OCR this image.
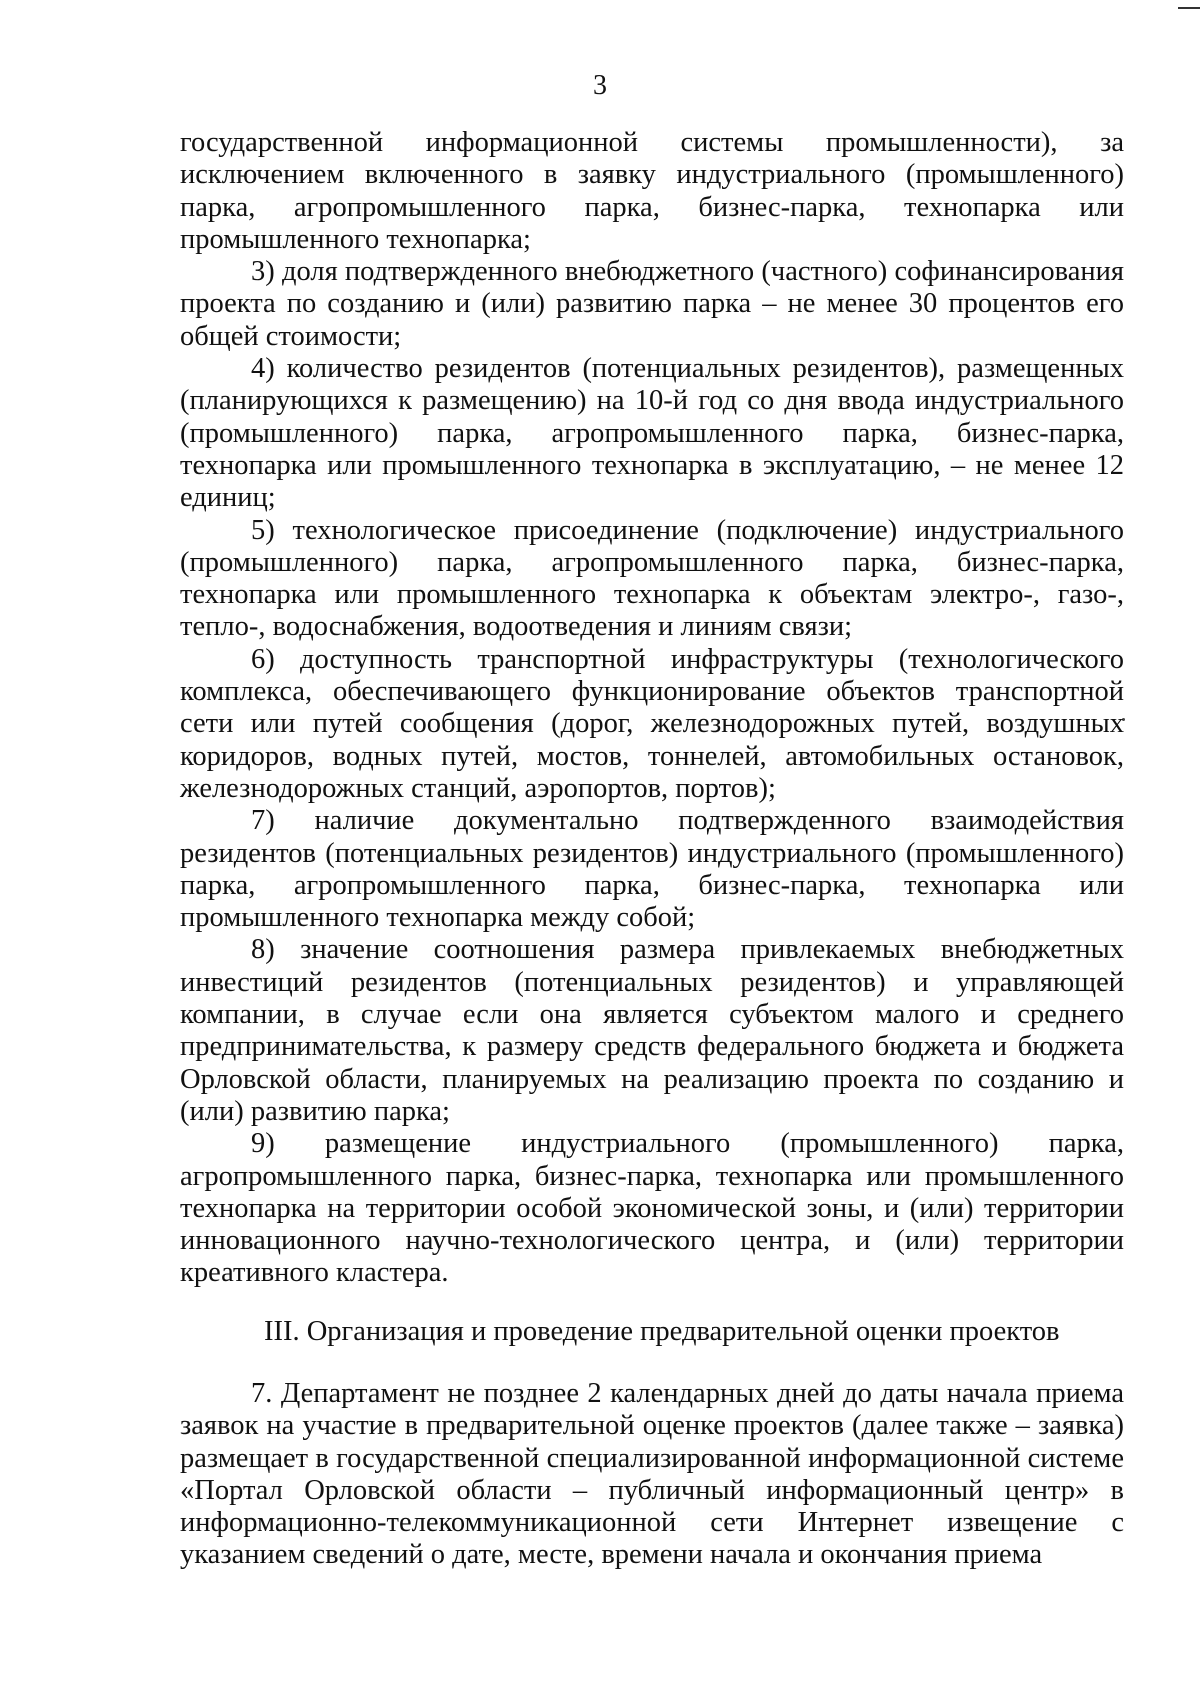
3

государственной информационной системы промышленности), за исключением включенного в заявку индустриального (промышленного) парка, агропромышленного парка, бизнес-парка, технопарка или промышленного технопарка;

3) доля подтвержденного внебюджетного (частного) софинансирования проекта по созданию и (или) развитию парка – не менее 30 процентов его общей стоимости;

4) количество резидентов (потенциальных резидентов), размещенных (планирующихся к размещению) на 10-й год со дня ввода индустриального (промышленного) парка, агропромышленного парка, бизнес-парка, технопарка или промышленного технопарка в эксплуатацию, – не менее 12 единиц;

5) технологическое присоединение (подключение) индустриального (промышленного) парка, агропромышленного парка, бизнес-парка, технопарка или промышленного технопарка к объектам электро-, газо-, тепло-, водоснабжения, водоотведения и линиям связи;

6) доступность транспортной инфраструктуры (технологического комплекса, обеспечивающего функционирование объектов транспортной сети или путей сообщения (дорог, железнодорожных путей, воздушных коридоров, водных путей, мостов, тоннелей, автомобильных остановок, железнодорожных станций, аэропортов, портов);

7) наличие документально подтвержденного взаимодействия резидентов (потенциальных резидентов) индустриального (промышленного) парка, агропромышленного парка, бизнес-парка, технопарка или промышленного технопарка между собой;

8) значение соотношения размера привлекаемых внебюджетных инвестиций резидентов (потенциальных резидентов) и управляющей компании, в случае если она является субъектом малого и среднего предпринимательства, к размеру средств федерального бюджета и бюджета Орловской области, планируемых на реализацию проекта по созданию и (или) развитию парка;

9) размещение индустриального (промышленного) парка, агропромышленного парка, бизнес-парка, технопарка или промышленного технопарка на территории особой экономической зоны, и (или) территории инновационного научно-технологического центра, и (или) территории креативного кластера.

III. Организация и проведение предварительной оценки проектов

7. Департамент не позднее 2 календарных дней до даты начала приема заявок на участие в предварительной оценке проектов (далее также – заявка) размещает в государственной специализированной информационной системе «Портал Орловской области – публичный информационный центр» в информационно-телекоммуникационной сети Интернет извещение с указанием сведений о дате, месте, времени начала и окончания приема
